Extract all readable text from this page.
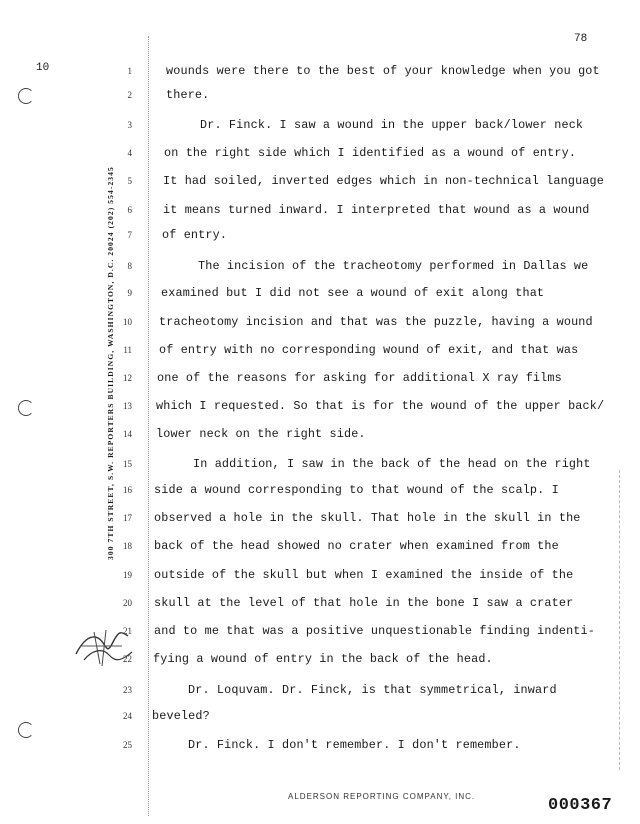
10
78
300 7TH STREET, S.W. REPORTERS BUILDING, WASHINGTON, D.C. 20024 (202) 554-2345
1
2
3
4
5
6
7
8
9
10
11
12
13
14
15
16
17
18
19
20
21
22
23
24
25
wounds were there to the best of your knowledge when you got
there.
Dr. Finck. I saw a wound in the upper back/lower neck
on the right side which I identified as a wound of entry.
It had soiled, inverted edges which in non-technical language
it means turned inward. I interpreted that wound as a wound
of entry.
The incision of the tracheotomy performed in Dallas we
examined but I did not see a wound of exit along that
tracheotomy incision and that was the puzzle, having a wound
of entry with no corresponding wound of exit, and that was
one of the reasons for asking for additional X ray films
which I requested. So that is for the wound of the upper back/
lower neck on the right side.
In addition, I saw in the back of the head on the right
side a wound corresponding to that wound of the scalp. I
observed a hole in the skull. That hole in the skull in the
back of the head showed no crater when examined from the
outside of the skull but when I examined the inside of the
skull at the level of that hole in the bone I saw a crater
and to me that was a positive unquestionable finding indenti-
fying a wound of entry in the back of the head.
Dr. Loquvam. Dr. Finck, is that symmetrical, inward
beveled?
Dr. Finck. I don't remember. I don't remember.
ALDERSON REPORTING COMPANY, INC.	000367
